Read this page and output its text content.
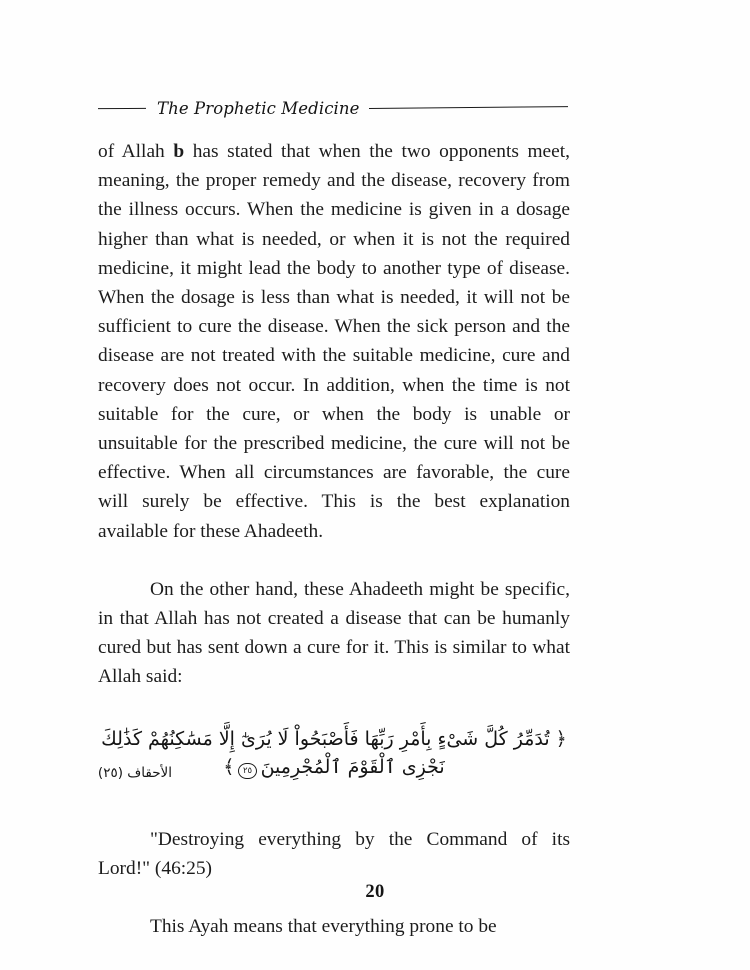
The Prophetic Medicine

of Allah b has stated that when the two opponents meet, meaning, the proper remedy and the disease, recovery from the illness occurs. When the medicine is given in a dosage higher than what is needed, or when it is not the required medicine, it might lead the body to another type of disease. When the dosage is less than what is needed, it will not be sufficient to cure the disease. When the sick person and the disease are not treated with the suitable medicine, cure and recovery does not occur. In addition, when the time is not suitable for the cure, or when the body is unable or unsuitable for the prescribed medicine, the cure will not be effective. When all circumstances are favorable, the cure will surely be effective. This is the best explanation available for these Ahadeeth.

On the other hand, these Ahadeeth might be specific, in that Allah has not created a disease that can be humanly cured but has sent down a cure for it. This is similar to what Allah said:

﴿ تُدَمِّرُ كُلَّ شَىْءٍ بِأَمْرِ رَبِّهَا فَأَصْبَحُواْ لَا يُرَىٰٓ إِلَّا مَسَٰكِنُهُمْ كَذَٰلِكَ
الأحقاف (٢٥)	نَجْزِى ٱلْقَوْمَ ٱلْمُجْرِمِينَ
٢٥
﴾

"Destroying everything by the Command of its Lord!" (46:25)

This Ayah means that everything prone to be

20
